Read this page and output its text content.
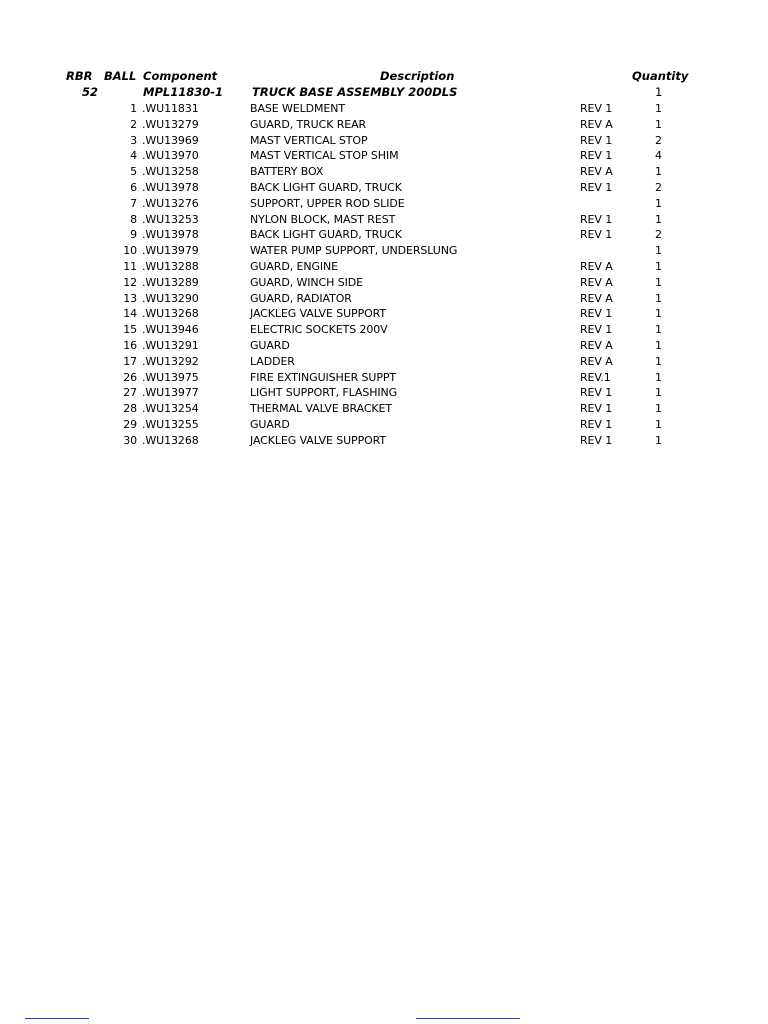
RBR BALL Component	Description	Quantity
52	MPL11830-1	TRUCK BASE ASSEMBLY 200DLS	1
1 .WU11831	BASE WELDMENT	REV 1	1
2 .WU13279	GUARD, TRUCK REAR	REV A	1
3 .WU13969	MAST VERTICAL STOP	REV 1	2
4 .WU13970	MAST VERTICAL STOP SHIM	REV 1	4
5 .WU13258	BATTERY BOX	REV A	1
6 .WU13978	BACK LIGHT GUARD, TRUCK	REV 1	2
7 .WU13276	SUPPORT, UPPER ROD SLIDE	1
8 .WU13253	NYLON BLOCK, MAST REST	REV 1	1
9 .WU13978	BACK LIGHT GUARD, TRUCK	REV 1	2
10 .WU13979	WATER PUMP SUPPORT, UNDERSLUNG	1
11 .WU13288	GUARD, ENGINE	REV A	1
12 .WU13289	GUARD, WINCH SIDE	REV A	1
13 .WU13290	GUARD, RADIATOR	REV A	1
14 .WU13268	JACKLEG VALVE SUPPORT	REV 1	1
15 .WU13946	ELECTRIC SOCKETS 200V	REV 1	1
16 .WU13291	GUARD	REV A	1
17 .WU13292	LADDER	REV A	1
26 .WU13975	FIRE EXTINGUISHER SUPPT	REV.1	1
27 .WU13977	LIGHT SUPPORT, FLASHING	REV 1	1
28 .WU13254	THERMAL VALVE BRACKET	REV 1	1
29 .WU13255	GUARD	REV 1	1
30 .WU13268	JACKLEG VALVE SUPPORT	REV 1	1
